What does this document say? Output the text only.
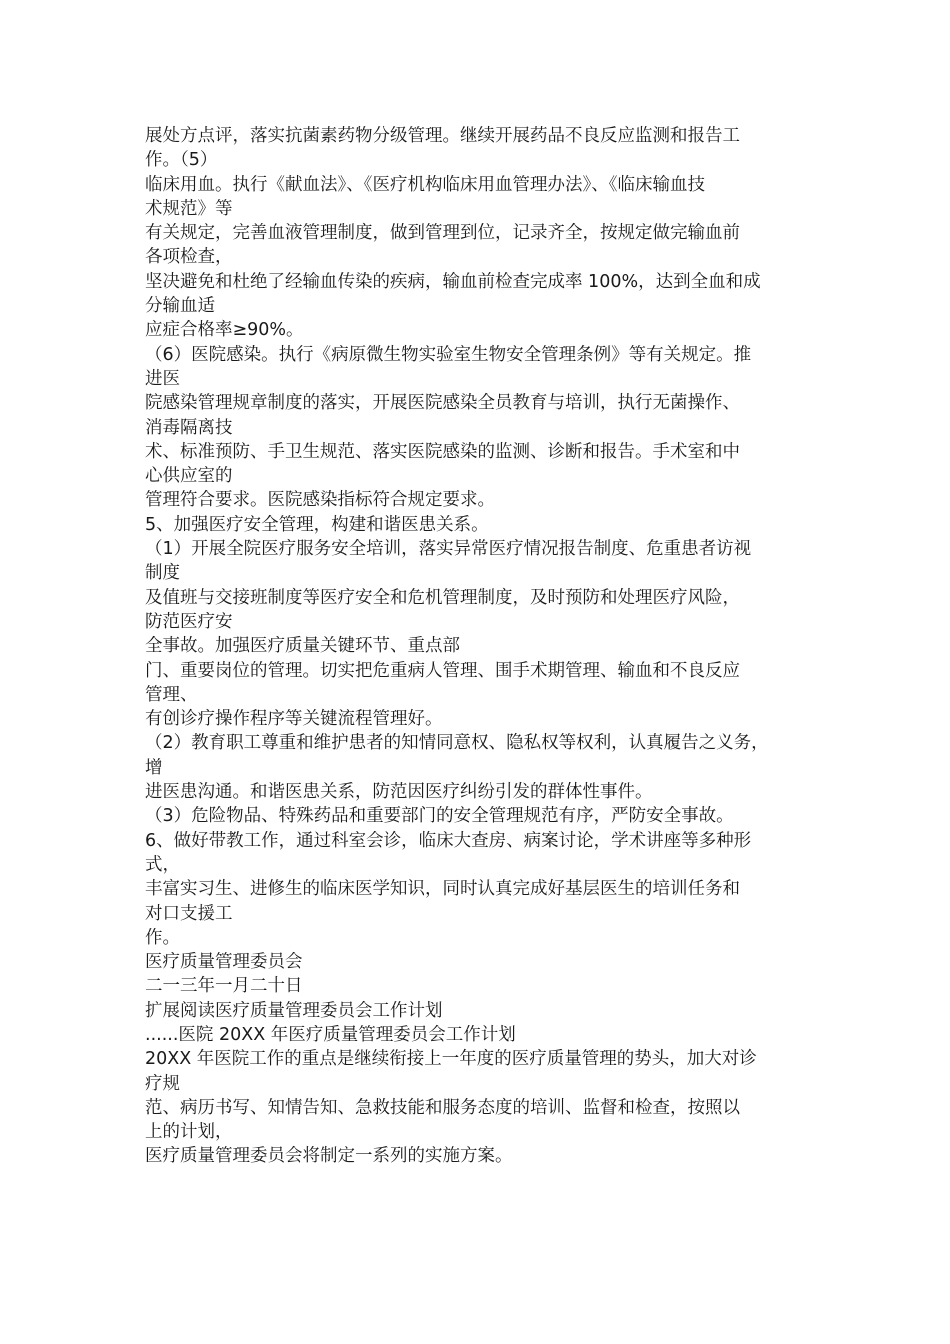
展处方点评，落实抗菌素药物分级管理。继续开展药品不良反应监测和报告工
作。（5）
临床用血。执行《献血法》、《医疗机构临床用血管理办法》、《临床输血技
术规范》等
有关规定，完善血液管理制度，做到管理到位，记录齐全，按规定做完输血前
各项检查，
坚决避免和杜绝了经输血传染的疾病，输血前检查完成率 100%，达到全血和成
分输血适
应症合格率≥90%。
（6）医院感染。执行《病原微生物实验室生物安全管理条例》等有关规定。推
进医
院感染管理规章制度的落实，开展医院感染全员教育与培训，执行无菌操作、
消毒隔离技
术、标准预防、手卫生规范、落实医院感染的监测、诊断和报告。手术室和中
心供应室的
管理符合要求。医院感染指标符合规定要求。
5、加强医疗安全管理，构建和谐医患关系。
（1）开展全院医疗服务安全培训，落实异常医疗情况报告制度、危重患者访视
制度
及值班与交接班制度等医疗安全和危机管理制度，及时预防和处理医疗风险，
防范医疗安
全事故。加强医疗质量关键环节、重点部
门、重要岗位的管理。切实把危重病人管理、围手术期管理、输血和不良反应
管理、
有创诊疗操作程序等关键流程管理好。
（2）教育职工尊重和维护患者的知情同意权、隐私权等权利，认真履告之义务，
增
进医患沟通。和谐医患关系，防范因医疗纠纷引发的群体性事件。
（3）危险物品、特殊药品和重要部门的安全管理规范有序，严防安全事故。
6、做好带教工作，通过科室会诊，临床大查房、病案讨论，学术讲座等多种形
式，
丰富实习生、进修生的临床医学知识，同时认真完成好基层医生的培训任务和
对口支援工
作。
医疗质量管理委员会
二一三年一月二十日
扩展阅读医疗质量管理委员会工作计划
......医院 20XX 年医疗质量管理委员会工作计划
20XX 年医院工作的重点是继续衔接上一年度的医疗质量管理的势头，加大对诊
疗规
范、病历书写、知情告知、急救技能和服务态度的培训、监督和检查，按照以
上的计划，
医疗质量管理委员会将制定一系列的实施方案。
